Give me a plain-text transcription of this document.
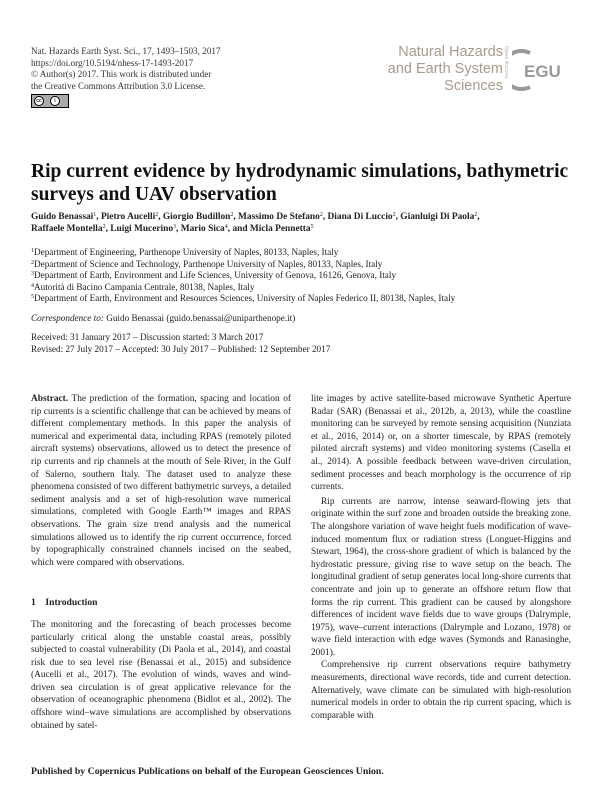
Nat. Hazards Earth Syst. Sci., 17, 1493–1503, 2017
https://doi.org/10.5194/nhess-17-1493-2017
© Author(s) 2017. This work is distributed under
the Creative Commons Attribution 3.0 License.
cc	i
Natural Hazards
and Earth System
Sciences
Open Access EGU
Rip current evidence by hydrodynamic simulations, bathymetric surveys and UAV observation
Guido Benassai$^1$, Pietro Aucelli$^2$, Giorgio Budillon$^2$, Massimo De Stefano$^2$, Diana Di Luccio$^2$, Gianluigi Di Paola$^2$,
Raffaele Montella$^2$, Luigi Mucerino$^3$, Mario Sica$^4$, and Micla Pennetta$^5$
$^1$Department of Engineering, Parthenope University of Naples, 80133, Naples, Italy
$^2$Department of Science and Technology, Parthenope University of Naples, 80133, Naples, Italy
$^3$Department of Earth, Environment and Life Sciences, University of Genova, 16126, Genova, Italy
$^4$Autorità di Bacino Campania Centrale, 80138, Naples, Italy
$^5$Department of Earth, Environment and Resources Sciences, University of Naples Federico II, 80138, Naples, Italy
Correspondence to: Guido Benassai (guido.benassai@uniparthenope.it)
Received: 31 January 2017 – Discussion started: 3 March 2017
Revised: 27 July 2017 – Accepted: 30 July 2017 – Published: 12 September 2017

Abstract. The prediction of the formation, spacing and location of rip currents is a scientific challenge that can be achieved by means of different complementary methods. In this paper the analysis of numerical and experimental data, including RPAS (remotely piloted aircraft systems) observations, allowed us to detect the presence of rip currents and rip channels at the mouth of Sele River, in the Gulf of Salerno, southern Italy. The dataset used to analyze these phenomena consisted of two different bathymetric surveys, a detailed sediment analysis and a set of high-resolution wave numerical simulations, completed with Google Earth™ images and RPAS observations. The grain size trend analysis and the numerical simulations allowed us to identify the rip current occurrence, forced by topographically constrained channels incised on the seabed, which were compared with observations.

1 Introduction

The monitoring and the forecasting of beach processes become particularly critical along the unstable coastal areas, possibly subjected to coastal vulnerability (Di Paola et al., 2014), and coastal risk due to sea level rise (Benassai et al., 2015) and subsidence (Aucelli et al., 2017). The evolution of winds, waves and wind-driven sea circulation is of great applicative relevance for the observation of oceanographic phenomena (Bidlot et al., 2002). The offshore wind–wave simulations are accomplished by observations obtained by satel-

lite images by active satellite-based microwave Synthetic Aperture Radar (SAR) (Benassai et al., 2012b, a, 2013), while the coastline monitoring can be surveyed by remote sensing acquisition (Nunziata et al., 2016, 2014) or, on a shorter timescale, by RPAS (remotely piloted aircraft systems) and video monitoring systems (Casella et al., 2014). A possible feedback between wave-driven circulation, sediment processes and beach morphology is the occurrence of rip currents.

Rip currents are narrow, intense seaward-flowing jets that originate within the surf zone and broaden outside the breaking zone. The alongshore variation of wave height fuels modification of wave-induced momentum flux or radiation stress (Longuet-Higgins and Stewart, 1964), the cross-shore gradient of which is balanced by the hydrostatic pressure, giving rise to wave setup on the beach. The longitudinal gradient of setup generates local long-shore currents that concentrate and join up to generate an offshore return flow that forms the rip current. This gradient can be caused by alongshore differences of incident wave fields due to wave groups (Dalrymple, 1975), wave–current interactions (Dalrymple and Lozano, 1978) or wave field interaction with edge waves (Symonds and Ranasinghe, 2001).

Comprehensive rip current observations require bathymetry measurements, directional wave records, tide and current detection. Alternatively, wave climate can be simulated with high-resolution numerical models in order to obtain the rip current spacing, which is comparable with

Published by Copernicus Publications on behalf of the European Geosciences Union.
